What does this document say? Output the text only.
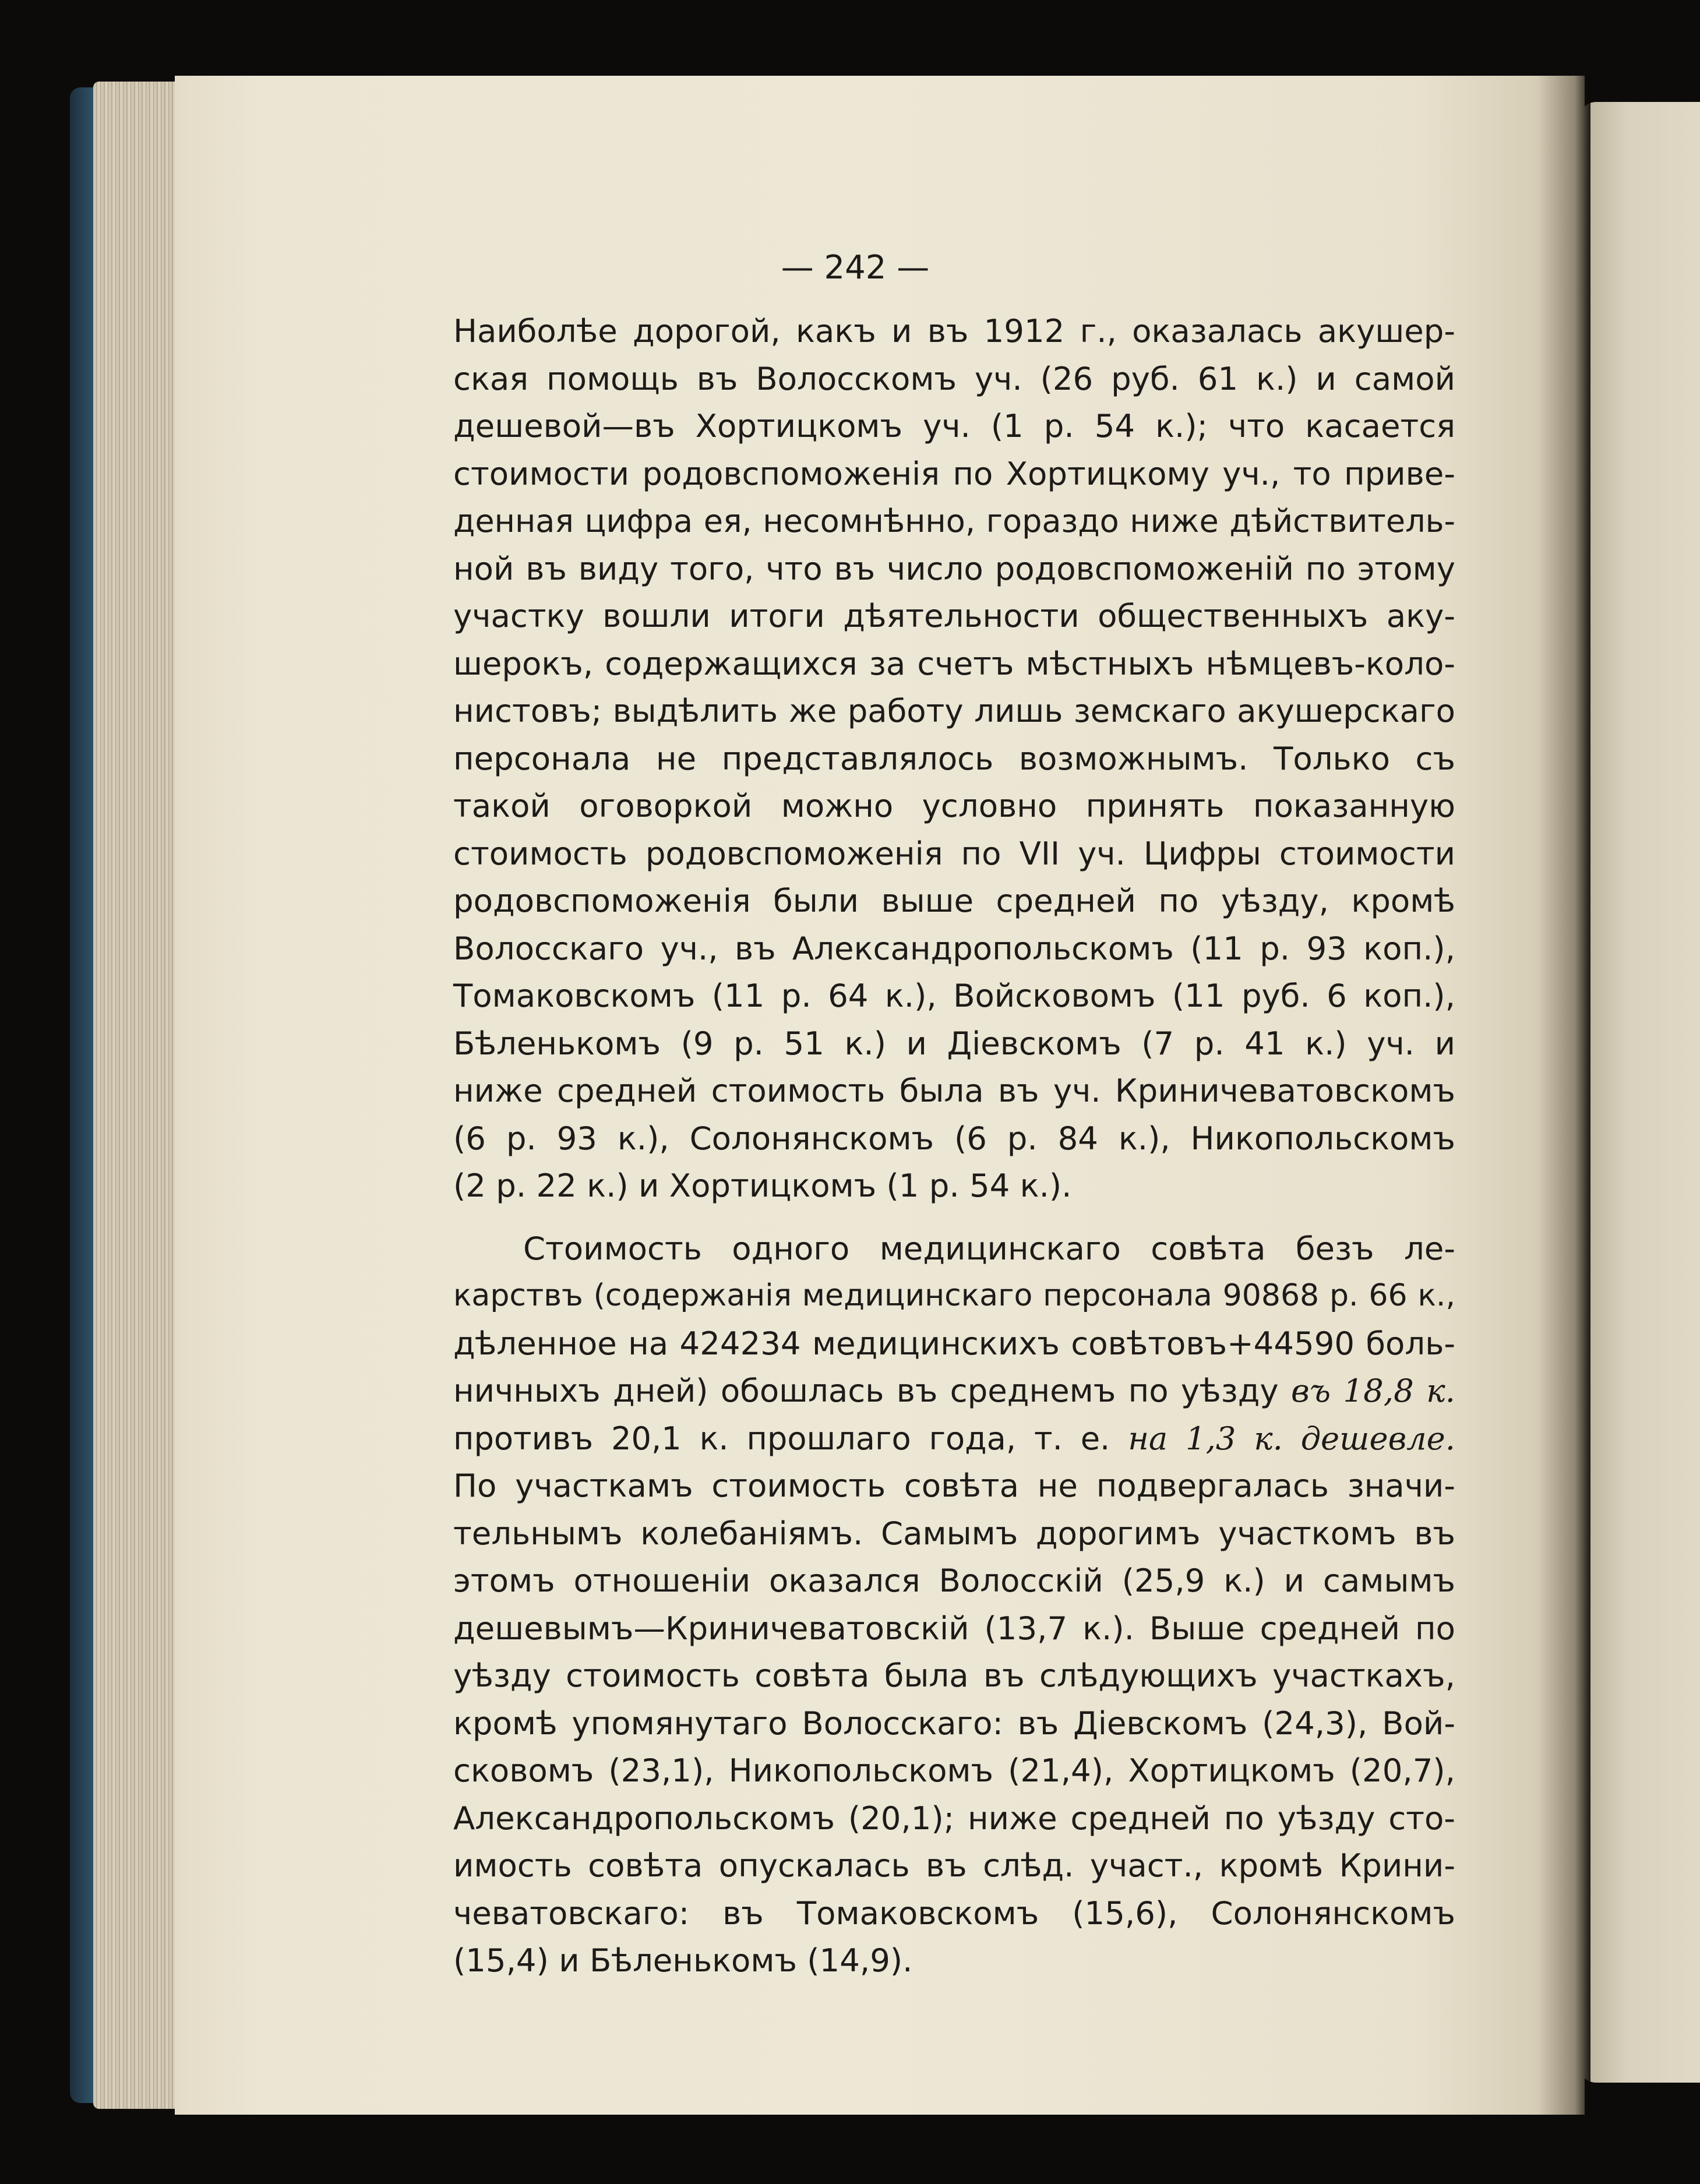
— 242 —
Наиболѣе дорогой, какъ и въ 1912 г., оказалась акушер-
ская помощь въ Волосскомъ уч. (26 руб. 61 к.) и самой
дешевой—въ Хортицкомъ уч. (1 р. 54 к.); что касается
стоимости родовспоможенія по Хортицкому уч., то приве-
денная цифра ея, несомнѣнно, гораздо ниже дѣйствитель-
ной въ виду того, что въ число родовспоможеній по этому
участку вошли итоги дѣятельности общественныхъ аку-
шерокъ, содержащихся за счетъ мѣстныхъ нѣмцевъ-коло-
нистовъ; выдѣлить же работу лишь земскаго акушерскаго
персонала не представлялось возможнымъ. Только съ
такой оговоркой можно условно принять показанную
стоимость родовспоможенія по VII уч. Цифры стоимости
родовспоможенія были выше средней по уѣзду, кромѣ
Волосскаго уч., въ Александропольскомъ (11 р. 93 коп.),
Томаковскомъ (11 р. 64 к.), Войсковомъ (11 руб. 6 коп.),
Бѣленькомъ (9 р. 51 к.) и Діевскомъ (7 р. 41 к.) уч. и
ниже средней стоимость была въ уч. Криничеватовскомъ
(6 р. 93 к.), Солонянскомъ (6 р. 84 к.), Никопольскомъ
(2 р. 22 к.) и Хортицкомъ (1 р. 54 к.).
Стоимость одного медицинскаго совѣта безъ ле-
карствъ (содержанія медицинскаго персонала 90868 р. 66 к.,
дѣленное на 424234 медицинскихъ совѣтовъ+44590 боль-
ничныхъ дней) обошлась въ среднемъ по уѣзду въ 18,8 к.
противъ 20,1 к. прошлаго года, т. е. на 1,3 к. дешевле.
По участкамъ стоимость совѣта не подвергалась значи-
тельнымъ колебаніямъ. Самымъ дорогимъ участкомъ въ
этомъ отношеніи оказался Волосскій (25,9 к.) и самымъ
дешевымъ—Криничеватовскій (13,7 к.). Выше средней по
уѣзду стоимость совѣта была въ слѣдующихъ участкахъ,
кромѣ упомянутаго Волосскаго: въ Діевскомъ (24,3), Вой-
сковомъ (23,1), Никопольскомъ (21,4), Хортицкомъ (20,7),
Александропольскомъ (20,1); ниже средней по уѣзду сто-
имость совѣта опускалась въ слѣд. участ., кромѣ Крини-
чеватовскаго: въ Томаковскомъ (15,6), Солонянскомъ
(15,4) и Бѣленькомъ (14,9).
